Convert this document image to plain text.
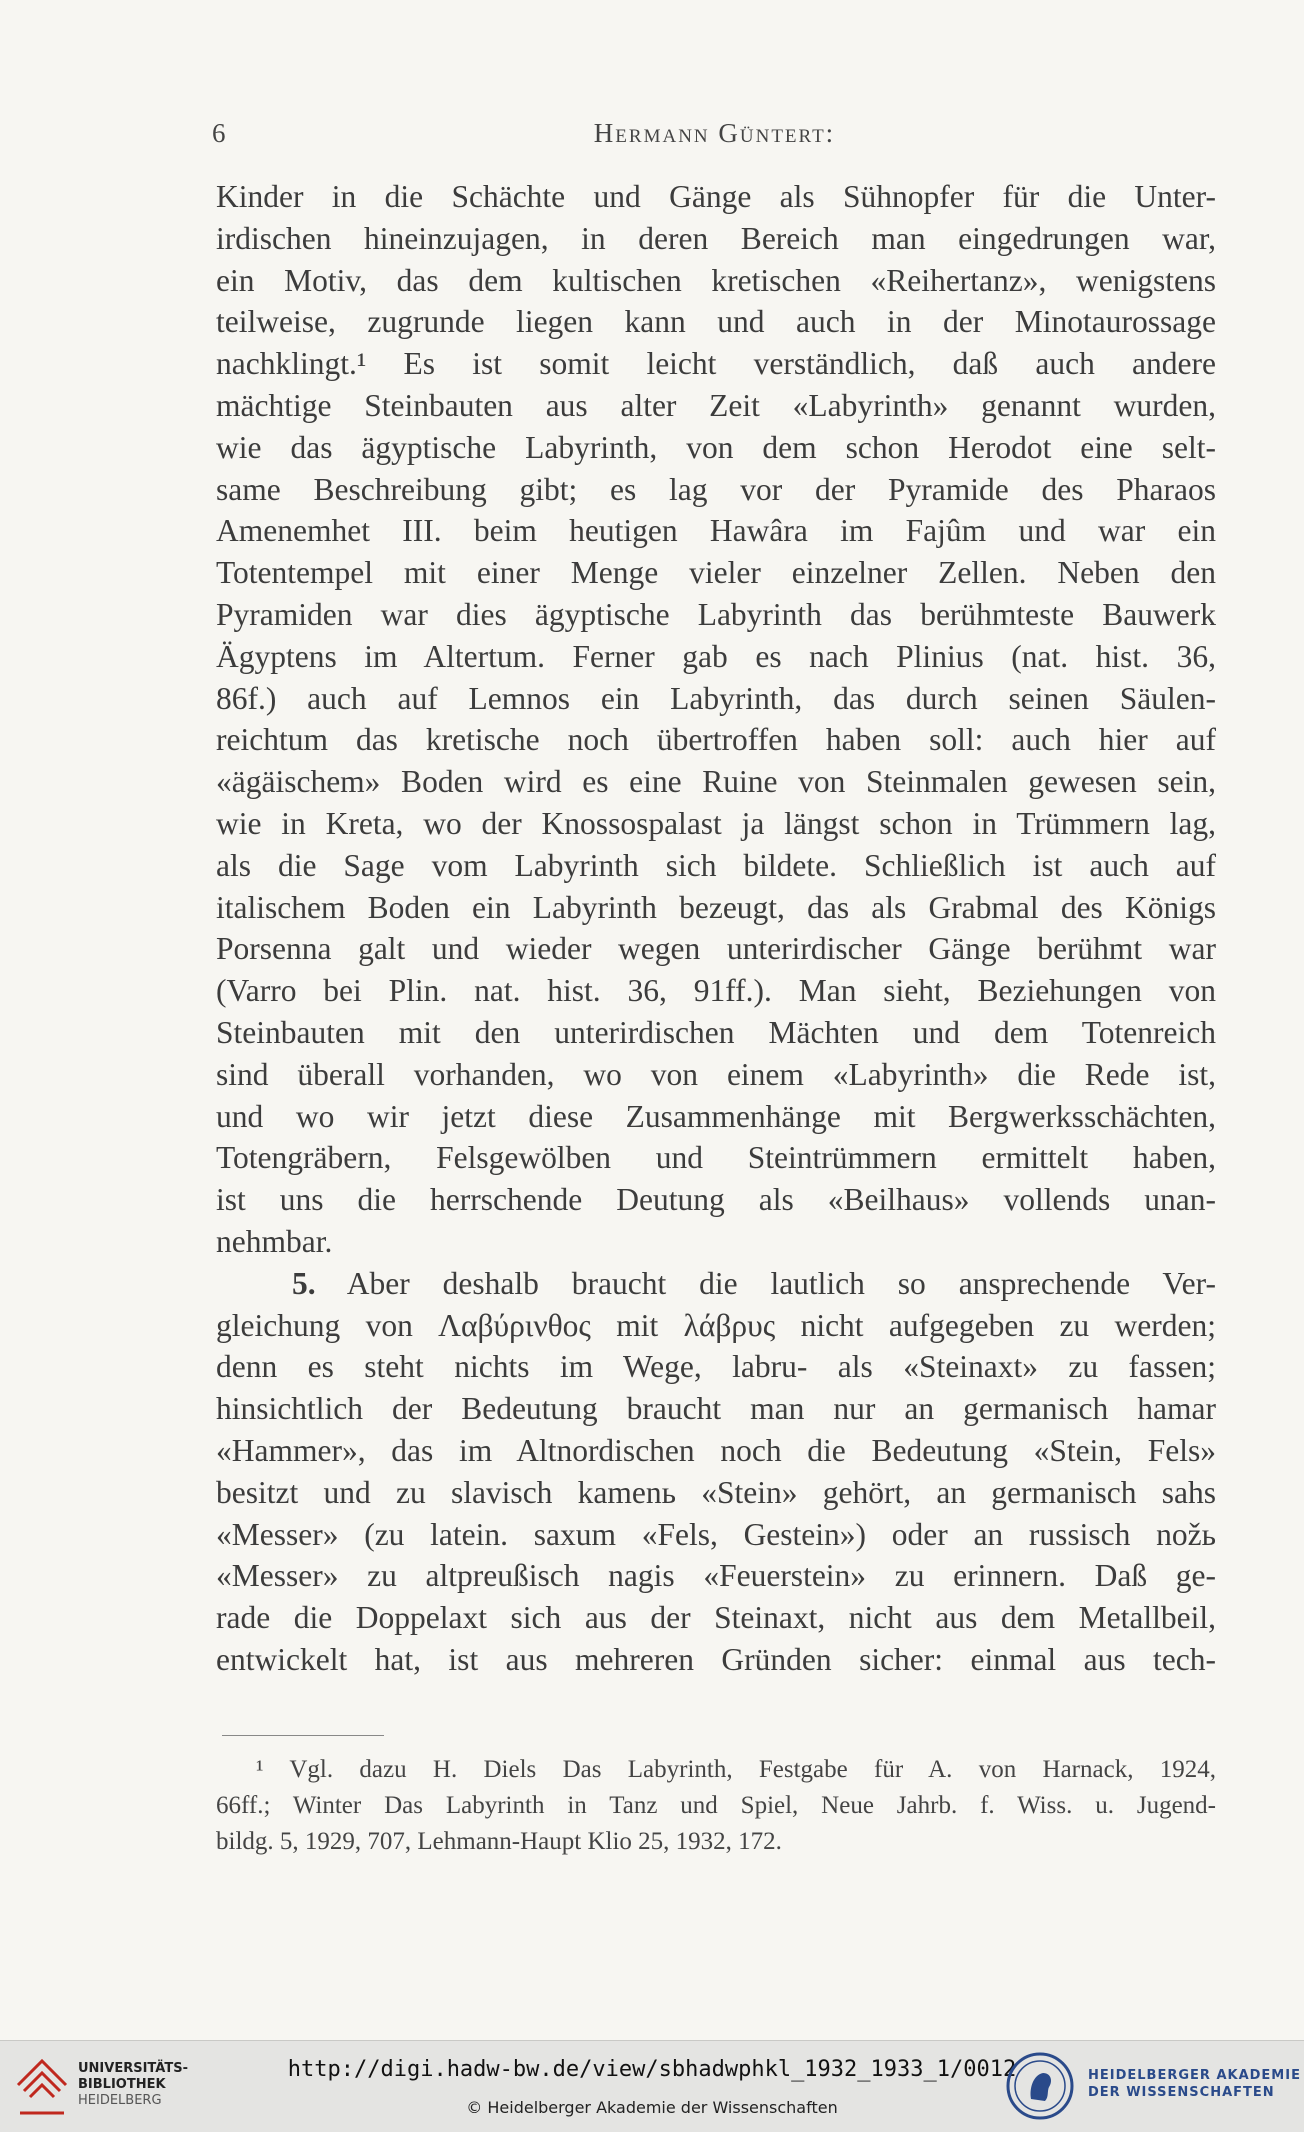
6	Hermann Güntert:

Kinder in die Schächte und Gänge als Sühnopfer für die Unter-

irdischen hineinzujagen, in deren Bereich man eingedrungen war,

ein Motiv, das dem kultischen kretischen «Reihertanz», wenigstens

teilweise, zugrunde liegen kann und auch in der Minotaurossage

nachklingt.¹ Es ist somit leicht verständlich, daß auch andere

mächtige Steinbauten aus alter Zeit «Labyrinth» genannt wurden,

wie das ägyptische Labyrinth, von dem schon Herodot eine selt-

same Beschreibung gibt; es lag vor der Pyramide des Pharaos

Amenemhet III. beim heutigen Hawâra im Fajûm und war ein

Totentempel mit einer Menge vieler einzelner Zellen. Neben den

Pyramiden war dies ägyptische Labyrinth das berühmteste Bauwerk

Ägyptens im Altertum. Ferner gab es nach Plinius (nat. hist. 36,

86f.) auch auf Lemnos ein Labyrinth, das durch seinen Säulen-

reichtum das kretische noch übertroffen haben soll: auch hier auf

«ägäischem» Boden wird es eine Ruine von Steinmalen gewesen sein,

wie in Kreta, wo der Knossospalast ja längst schon in Trümmern lag,

als die Sage vom Labyrinth sich bildete. Schließlich ist auch auf

italischem Boden ein Labyrinth bezeugt, das als Grabmal des Königs

Porsenna galt und wieder wegen unterirdischer Gänge berühmt war

(Varro bei Plin. nat. hist. 36, 91ff.). Man sieht, Beziehungen von

Steinbauten mit den unterirdischen Mächten und dem Totenreich

sind überall vorhanden, wo von einem «Labyrinth» die Rede ist,

und wo wir jetzt diese Zusammenhänge mit Bergwerksschächten,

Totengräbern, Felsgewölben und Steintrümmern ermittelt haben,

ist uns die herrschende Deutung als «Beilhaus» vollends unan-

nehmbar.

5. Aber deshalb braucht die lautlich so ansprechende Ver-

gleichung von Λαβύρινθος mit λάβρυς nicht aufgegeben zu werden;

denn es steht nichts im Wege, labru- als «Steinaxt» zu fassen;

hinsichtlich der Bedeutung braucht man nur an germanisch hamar

«Hammer», das im Altnordischen noch die Bedeutung «Stein, Fels»

besitzt und zu slavisch kamenь «Stein» gehört, an germanisch sahs

«Messer» (zu latein. saxum «Fels, Gestein») oder an russisch nožь

«Messer» zu altpreußisch nagis «Feuerstein» zu erinnern. Daß ge-

rade die Doppelaxt sich aus der Steinaxt, nicht aus dem Metallbeil,

entwickelt hat, ist aus mehreren Gründen sicher: einmal aus tech-

¹ Vgl. dazu H. Diels Das Labyrinth, Festgabe für A. von Harnack, 1924,

66ff.; Winter Das Labyrinth in Tanz und Spiel, Neue Jahrb. f. Wiss. u. Jugend-

bildg. 5, 1929, 707, Lehmann-Haupt Klio 25, 1932, 172.

UNIVERSITÄTS-
BIBLIOTHEK
HEIDELBERG
http://digi.hadw-bw.de/view/sbhadwphkl_1932_1933_1/0012
© Heidelberger Akademie der Wissenschaften
HEIDELBERGER AKADEMIE
DER WISSENSCHAFTEN
